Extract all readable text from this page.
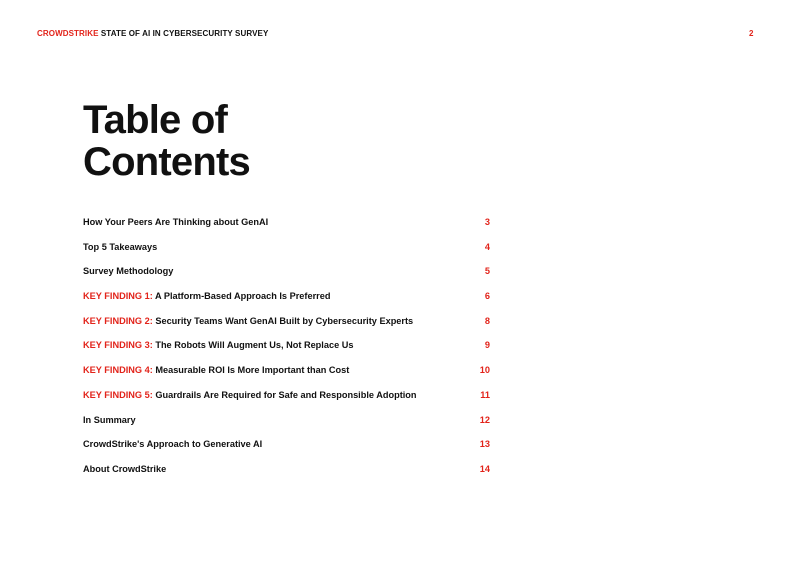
CROWDSTRIKE STATE OF AI IN CYBERSECURITY SURVEY	2
Table of
Contents
How Your Peers Are Thinking about GenAI	3
Top 5 Takeaways	4
Survey Methodology	5
KEY FINDING 1: A Platform-Based Approach Is Preferred	6
KEY FINDING 2: Security Teams Want GenAI Built by Cybersecurity Experts	8
KEY FINDING 3: The Robots Will Augment Us, Not Replace Us	9
KEY FINDING 4: Measurable ROI Is More Important than Cost	10
KEY FINDING 5: Guardrails Are Required for Safe and Responsible Adoption	11
In Summary	12
CrowdStrike's Approach to Generative AI	13
About CrowdStrike	14
